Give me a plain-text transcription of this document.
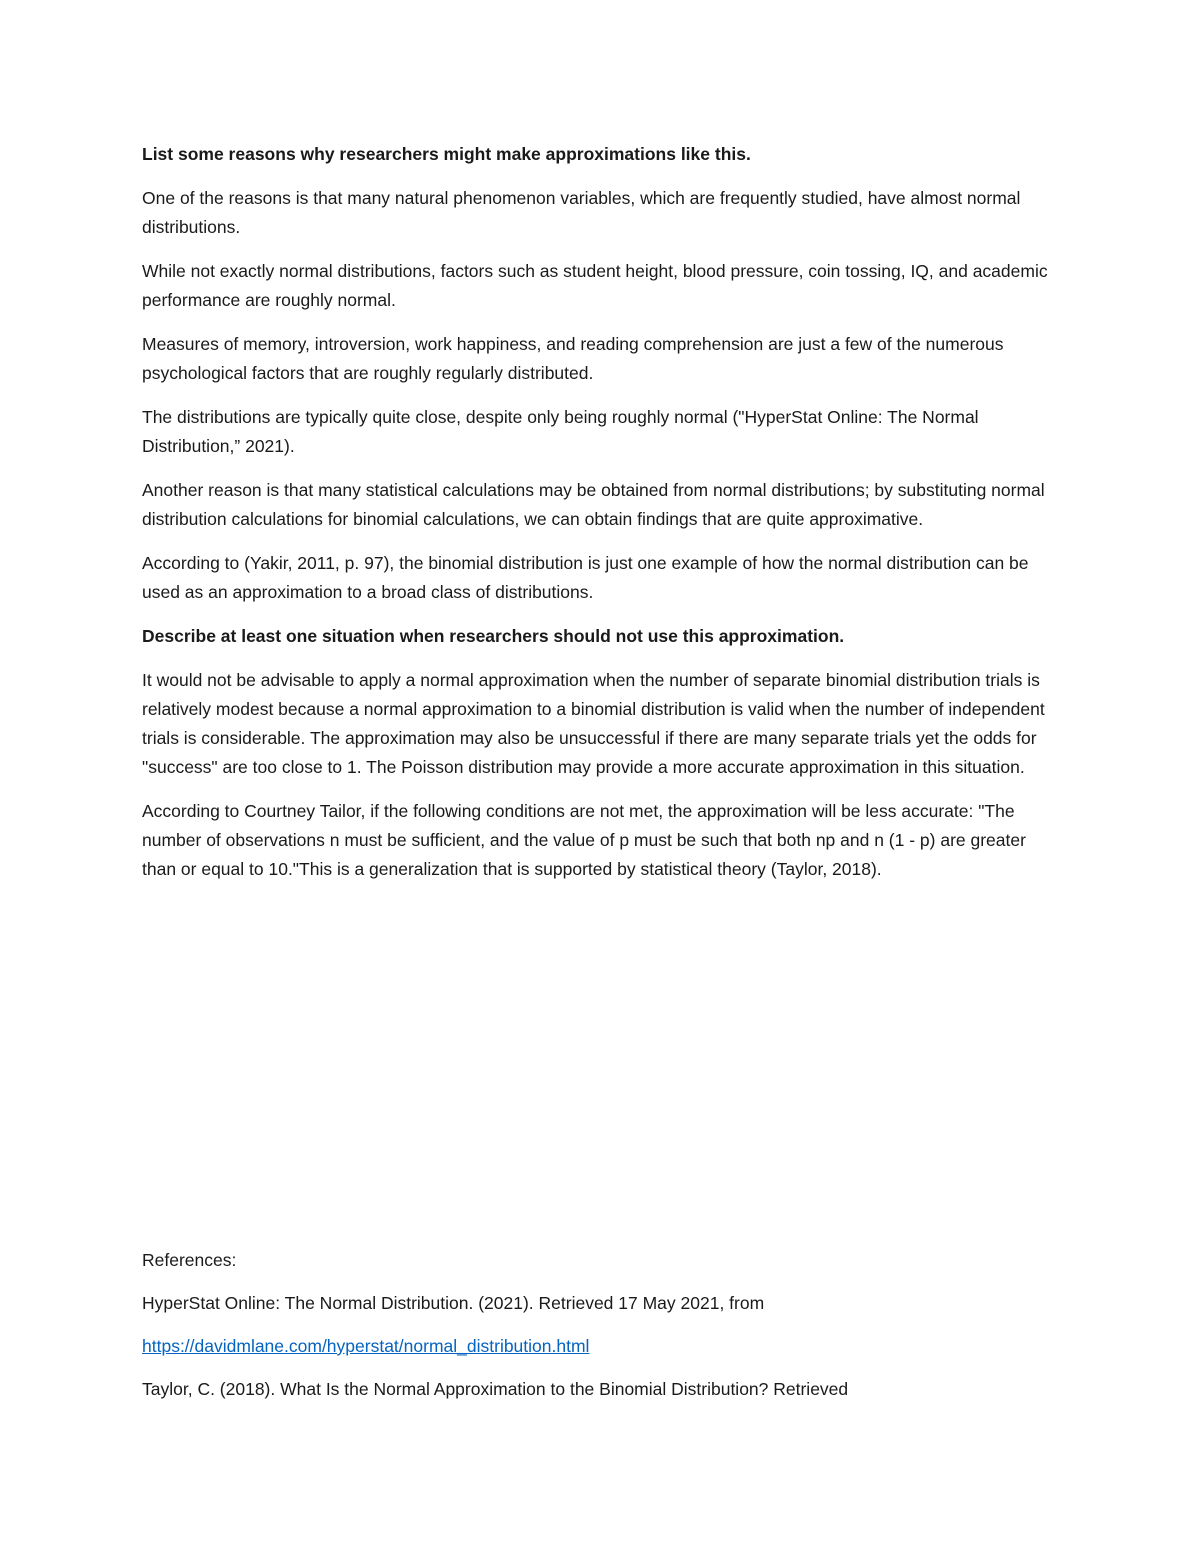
List some reasons why researchers might make approximations like this.

One of the reasons is that many natural phenomenon variables, which are frequently studied, have almost normal distributions.

While not exactly normal distributions, factors such as student height, blood pressure, coin tossing, IQ, and academic performance are roughly normal.

Measures of memory, introversion, work happiness, and reading comprehension are just a few of the numerous psychological factors that are roughly regularly distributed.

The distributions are typically quite close, despite only being roughly normal ("HyperStat Online: The Normal Distribution,” 2021).

Another reason is that many statistical calculations may be obtained from normal distributions; by substituting normal distribution calculations for binomial calculations, we can obtain findings that are quite approximative.

According to (Yakir, 2011, p. 97), the binomial distribution is just one example of how the normal distribution can be used as an approximation to a broad class of distributions.

Describe at least one situation when researchers should not use this approximation.

It would not be advisable to apply a normal approximation when the number of separate binomial distribution trials is relatively modest because a normal approximation to a binomial distribution is valid when the number of independent trials is considerable. The approximation may also be unsuccessful if there are many separate trials yet the odds for "success" are too close to 1. The Poisson distribution may provide a more accurate approximation in this situation.

According to Courtney Tailor, if the following conditions are not met, the approximation will be less accurate: "The number of observations n must be sufficient, and the value of p must be such that both np and n (1 - p) are greater than or equal to 10."This is a generalization that is supported by statistical theory (Taylor, 2018).

References:

HyperStat Online: The Normal Distribution. (2021). Retrieved 17 May 2021, from

https://davidmlane.com/hyperstat/normal_distribution.html

Taylor, C. (2018). What Is the Normal Approximation to the Binomial Distribution? Retrieved
